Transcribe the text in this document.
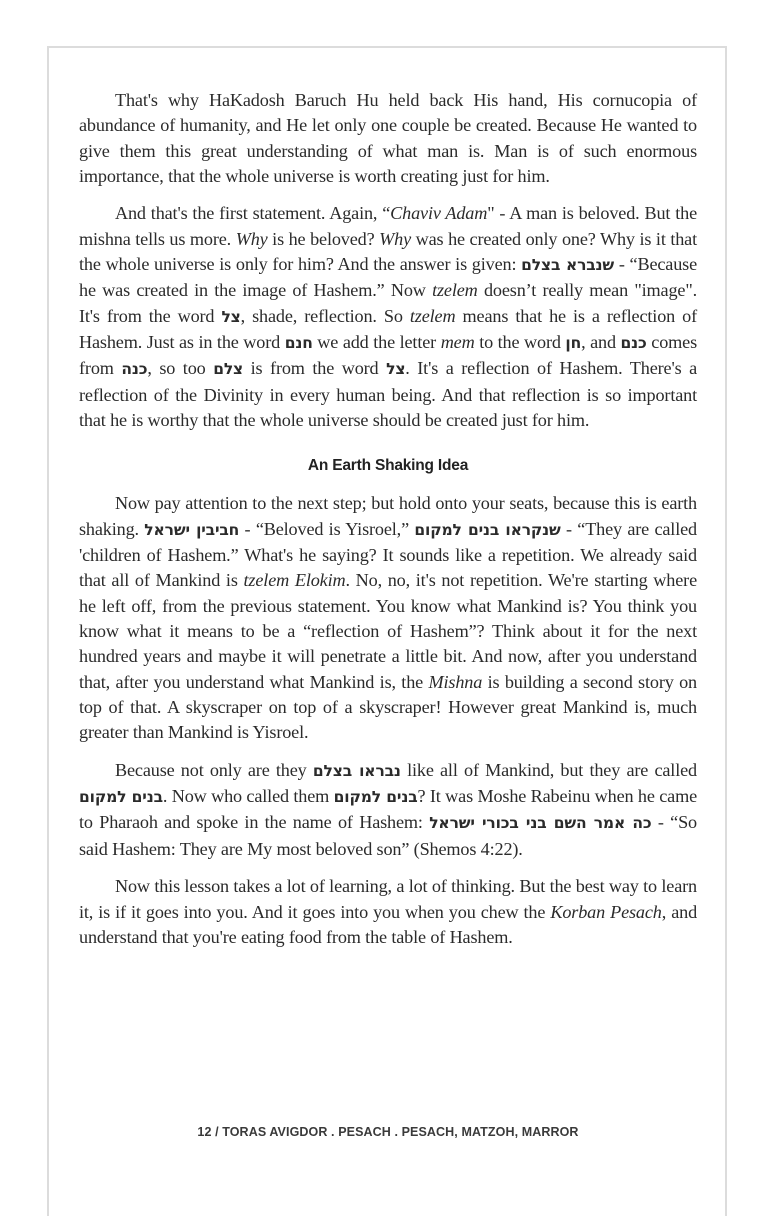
That's why HaKadosh Baruch Hu held back His hand, His cornucopia of abundance of humanity, and He let only one couple be created. Because He wanted to give them this great understanding of what man is. Man is of such enormous importance, that the whole universe is worth creating just for him.

And that's the first statement. Again, “Chaviv Adam" - A man is beloved. But the mishna tells us more. Why is he beloved? Why was he created only one? Why is it that the whole universe is only for him? And the answer is given: שנברא בצלם - “Because he was created in the image of Hashem.” Now tzelem doesn’t really mean "image". It's from the word צל, shade, reflection. So tzelem means that he is a reflection of Hashem. Just as in the word חנם we add the letter mem to the word חן, and כנם comes from כנה, so too צלם is from the word צל. It's a reflection of Hashem. There's a reflection of the Divinity in every human being. And that reflection is so important that he is worthy that the whole universe should be created just for him.

An Earth Shaking Idea

Now pay attention to the next step; but hold onto your seats, because this is earth shaking. חביבין ישראל - “Beloved is Yisroel,” שנקראו בנים למקום - “They are called 'children of Hashem.” What's he saying? It sounds like a repetition. We already said that all of Mankind is tzelem Elokim. No, no, it's not repetition. We're starting where he left off, from the previous statement. You know what Mankind is? You think you know what it means to be a “reflection of Hashem”? Think about it for the next hundred years and maybe it will penetrate a little bit. And now, after you understand that, after you understand what Mankind is, the Mishna is building a second story on top of that. A skyscraper on top of a skyscraper! However great Mankind is, much greater than Mankind is Yisroel.

Because not only are they נבראו בצלם like all of Mankind, but they are called בנים למקום. Now who called them בנים למקום? It was Moshe Rabeinu when he came to Pharaoh and spoke in the name of Hashem: כה אמר השם בני בכורי ישראל - “So said Hashem: They are My most beloved son” (Shemos 4:22).

Now this lesson takes a lot of learning, a lot of thinking. But the best way to learn it, is if it goes into you. And it goes into you when you chew the Korban Pesach, and understand that you're eating food from the table of Hashem.

12 / TORAS AVIGDOR . PESACH . PESACH, MATZOH, MARROR
